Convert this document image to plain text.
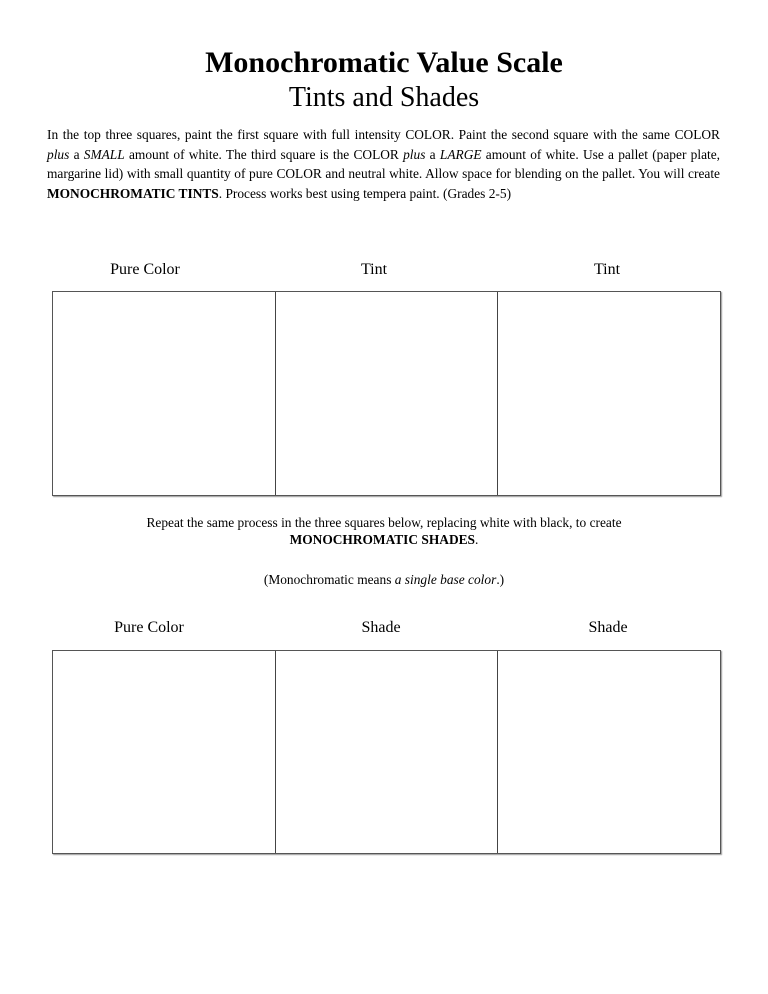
Monochromatic Value Scale
Tints and Shades
In the top three squares, paint the first square with full intensity COLOR. Paint the second square with the same COLOR plus a SMALL amount of white. The third square is the COLOR plus a LARGE amount of white. Use a pallet (paper plate, margarine lid) with small quantity of pure COLOR and neutral white. Allow space for blending on the pallet. You will create MONOCHROMATIC TINTS. Process works best using tempera paint. (Grades 2-5)
Pure Color	Tint	Tint
Repeat the same process in the three squares below, replacing white with black, to create
MONOCHROMATIC SHADES.
(Monochromatic means a single base color.)
Pure Color	Shade	Shade
